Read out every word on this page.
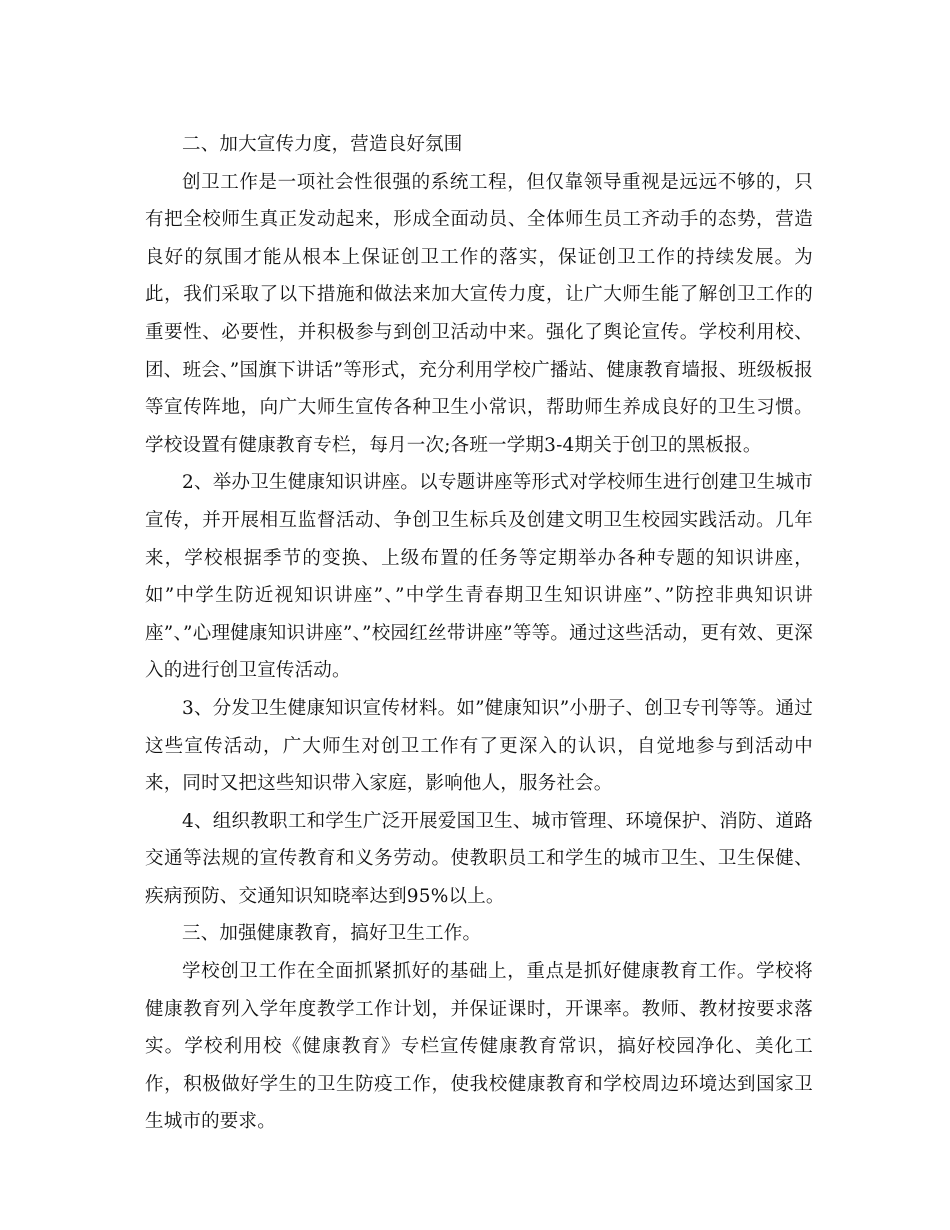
二、加大宣传力度，营造良好氛围

创卫工作是一项社会性很强的系统工程，但仅靠领导重视是远远不够的，只有把全校师生真正发动起来，形成全面动员、全体师生员工齐动手的态势，营造良好的氛围才能从根本上保证创卫工作的落实，保证创卫工作的持续发展。为此，我们采取了以下措施和做法来加大宣传力度，让广大师生能了解创卫工作的重要性、必要性，并积极参与到创卫活动中来。强化了舆论宣传。学校利用校、团、班会、”国旗下讲话”等形式，充分利用学校广播站、健康教育墙报、班级板报等宣传阵地，向广大师生宣传各种卫生小常识，帮助师生养成良好的卫生习惯。学校设置有健康教育专栏，每月一次;各班一学期3-4期关于创卫的黑板报。

2、举办卫生健康知识讲座。以专题讲座等形式对学校师生进行创建卫生城市宣传，并开展相互监督活动、争创卫生标兵及创建文明卫生校园实践活动。几年来，学校根据季节的变换、上级布置的任务等定期举办各种专题的知识讲座，如”中学生防近视知识讲座”、”中学生青春期卫生知识讲座”、”防控非典知识讲座”、”心理健康知识讲座”、”校园红丝带讲座”等等。通过这些活动，更有效、更深入的进行创卫宣传活动。

3、分发卫生健康知识宣传材料。如”健康知识”小册子、创卫专刊等等。通过这些宣传活动，广大师生对创卫工作有了更深入的认识，自觉地参与到活动中来，同时又把这些知识带入家庭，影响他人，服务社会。

4、组织教职工和学生广泛开展爱国卫生、城市管理、环境保护、消防、道路交通等法规的宣传教育和义务劳动。使教职员工和学生的城市卫生、卫生保健、疾病预防、交通知识知晓率达到95%以上。

三、加强健康教育，搞好卫生工作。

学校创卫工作在全面抓紧抓好的基础上，重点是抓好健康教育工作。学校将健康教育列入学年度教学工作计划，并保证课时，开课率。教师、教材按要求落实。学校利用校《健康教育》专栏宣传健康教育常识，搞好校园净化、美化工作，积极做好学生的卫生防疫工作，使我校健康教育和学校周边环境达到国家卫生城市的要求。
